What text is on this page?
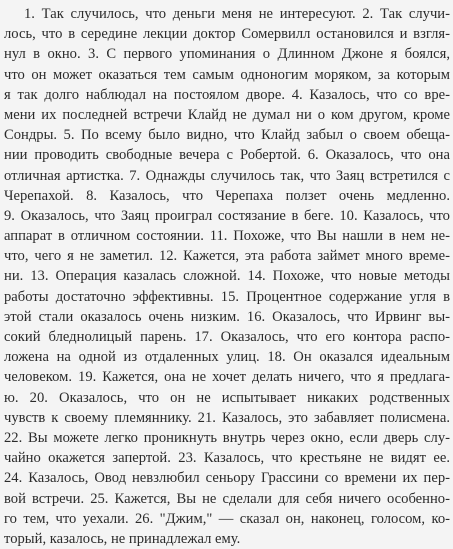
1. Так случилось, что деньги меня не интересуют. 2. Так случи-
лось, что в середине лекции доктор Сомервилл остановился и взгля-
нул в окно. 3. С первого упоминания о Длинном Джоне я боялся,
что он может оказаться тем самым одноногим моряком, за которым
я так долго наблюдал на постоялом дворе. 4. Казалось, что со вре-
мени их последней встречи Клайд не думал ни о ком другом, кроме
Сондры. 5. По всему было видно, что Клайд забыл о своем обеща-
нии проводить свободные вечера с Робертой. 6. Оказалось, что она
отличная артистка. 7. Однажды случилось так, что Заяц встретился с
Черепахой. 8. Казалось, что Черепаха ползет очень медленно.
9. Оказалось, что Заяц проиграл состязание в беге. 10. Казалось, что
аппарат в отличном состоянии. 11. Похоже, что Вы нашли в нем не-
что, чего я не заметил. 12. Кажется, эта работа займет много време-
ни. 13. Операция казалась сложной. 14. Похоже, что новые методы
работы достаточно эффективны. 15. Процентное содержание угля в
этой стали оказалось очень низким. 16. Оказалось, что Ирвинг вы-
сокий бледнолицый парень. 17. Оказалось, что его контора распо-
ложена на одной из отдаленных улиц. 18. Он оказался идеальным
человеком. 19. Кажется, она не хочет делать ничего, что я предлага-
ю. 20. Оказалось, что он не испытывает никаких родственных
чувств к своему племяннику. 21. Казалось, это забавляет полисмена.
22. Вы можете легко проникнуть внутрь через окно, если дверь слу-
чайно окажется запертой. 23. Казалось, что крестьяне не видят ее.
24. Казалось, Овод невзлюбил сеньору Грассини со времени их пер-
вой встречи. 25. Кажется, Вы не сделали для себя ничего особенно-
го тем, что уехали. 26. "Джим," — сказал он, наконец, голосом, ко-
торый, казалось, не принадлежал ему.
